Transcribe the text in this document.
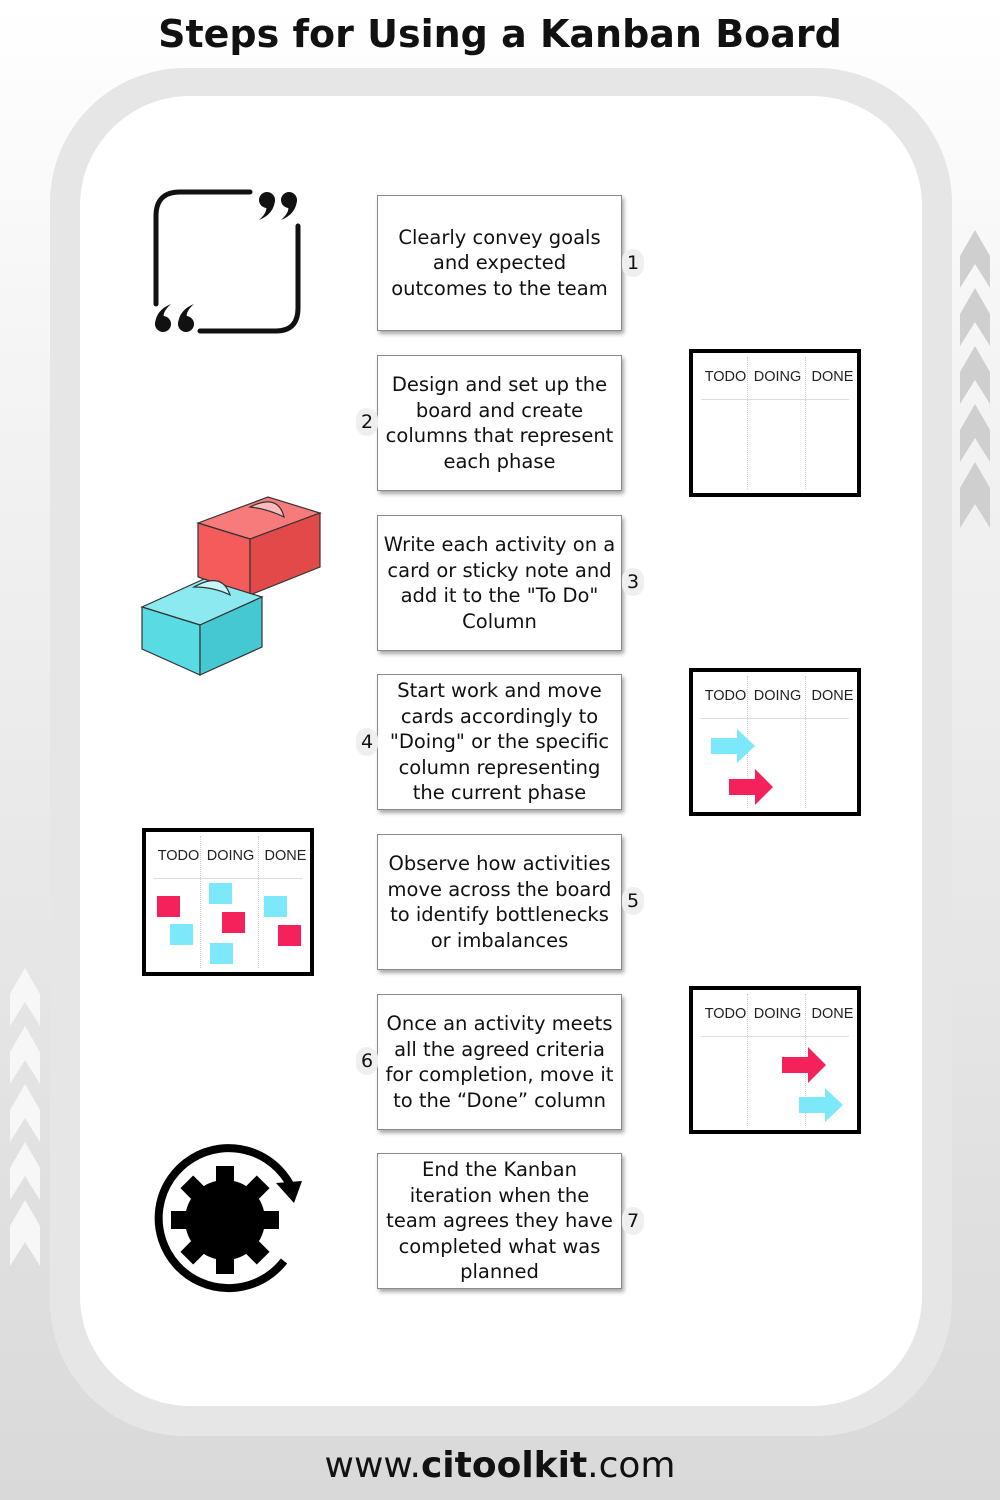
Steps for Using a Kanban Board
Clearly convey goals and expected outcomes to the team
1
Design and set up the board and create columns that represent each phase
2
Write each activity on a card or sticky note and add it to the "To Do" Column
3
Start work and move cards accordingly to "Doing" or the specific column representing the current phase
4
Observe how activities move across the board to identify bottlenecks or imbalances
5
Once an activity meets all the agreed criteria for completion, move it to the “Done” column
6
End the Kanban iteration when the team agrees they have completed what was planned
7
TODO DOING DONE
TODO DOING DONE
TODO DOING DONE
TODO DOING DONE
www.citoolkit.com
